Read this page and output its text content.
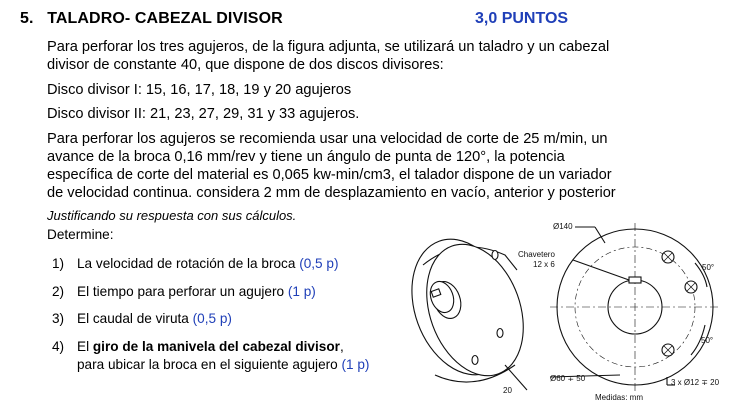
5. TALADRO- CABEZAL DIVISOR	3,0 PUNTOS
Para perforar los tres agujeros, de la figura adjunta, se utilizará un taladro y un cabezal
divisor de constante 40, que dispone de dos discos divisores:
Disco divisor I: 15, 16, 17, 18, 19 y 20 agujeros
Disco divisor II: 21, 23, 27, 29, 31 y 33 agujeros.
Para perforar los agujeros se recomienda usar una velocidad de corte de 25 m/min, un
avance de la broca 0,16 mm/rev y tiene un ángulo de punta de 120°, la potencia
específica de corte del material es 0,065 kw-min/cm3, el talador dispone de un variador
de velocidad continua. considera 2 mm de desplazamiento en vacío, anterior y posterior
Justificando su respuesta con sus cálculos.
Determine:
1) La velocidad de rotación de la broca (0,5 p)
2) El tiempo para perforar un agujero (1 p)
3) El caudal de viruta (0,5 p)
4) El giro de la manivela del cabezal divisor,
para ubicar la broca en el siguiente agujero (1 p)
20
Ø140
Chavetero
12 x 6	50°
50°
Ø60 ∓ 50	3 x Ø12 ∓ 20
Medidas: mm
